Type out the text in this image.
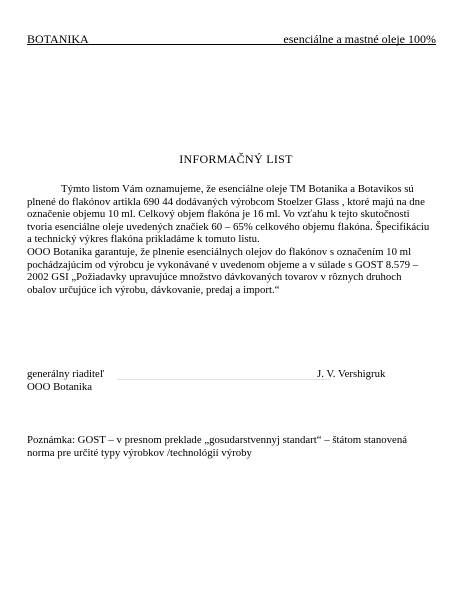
BOTANIKA	esenciálne a mastné oleje 100%
INFORMAČNÝ LIST

Týmto listom Vám oznamujeme, že esenciálne oleje TM Botanika a Botavikos sú
plnené do flakónov artikla 690 44 dodávaných výrobcom Stoelzer Glass , ktoré majú na dne
označenie objemu 10 ml. Celkový objem flakóna je 16 ml. Vo vzťahu k tejto skutočnosti
tvoria esenciálne oleje uvedených značiek 60 – 65% celkového objemu flakóna. Špecifikáciu
a technický výkres flakóna prikladáme k tomuto listu.

OOO Botanika garantuje, že plnenie esenciálnych olejov do flakónov s označením 10 ml
pochádzajúcim od výrobcu je vykonávané v uvedenom objeme a v súlade s GOST 8.579 –
2002 GSI „Požiadavky upravujúce množstvo dávkovaných tovarov v rôznych druhoch
obalov určujúce ich výrobu, dávkovanie, predaj a import.“

generálny riaditeľ	J. V. Vershigruk
OOO Botanika
Poznámka: GOST – v presnom preklade „gosudarstvennyj standart“ – štátom stanovená
norma pre určité typy výrobkov /technológií výroby
